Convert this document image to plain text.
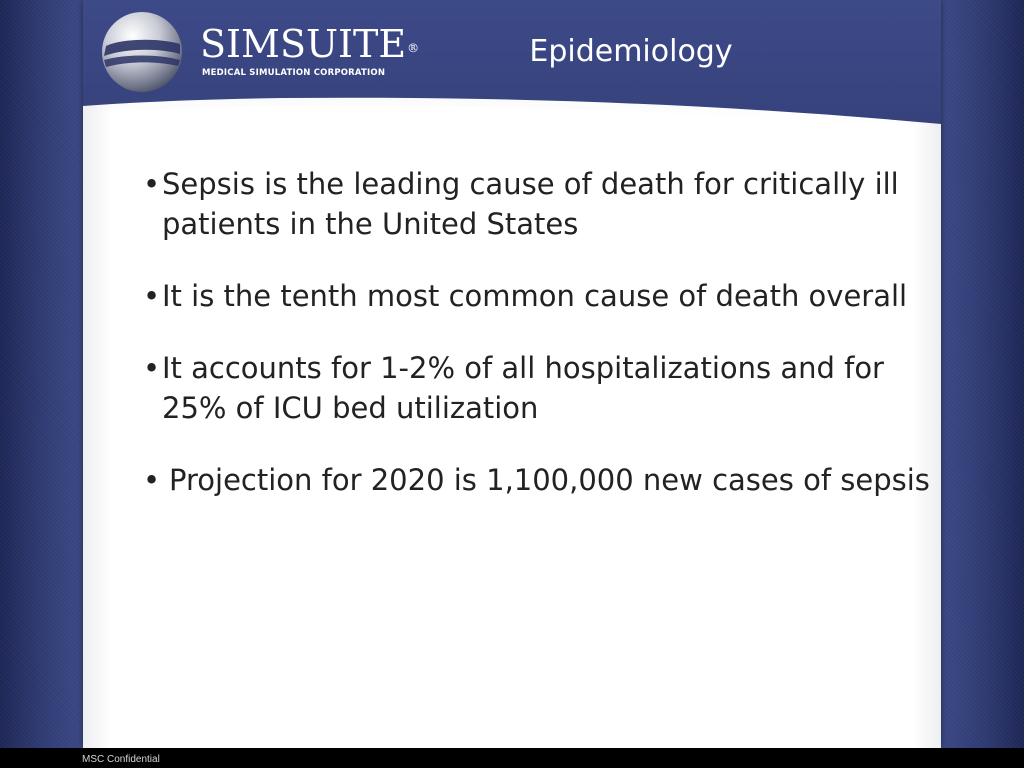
SIMSUITE®
MEDICAL SIMULATION CORPORATION
Epidemiology
• Sepsis is the leading cause of death for critically ill patients in the United States
• It is the tenth most common cause of death overall
• It accounts for 1-2% of all hospitalizations and for 25% of ICU bed utilization
• Projection for 2020 is 1,100,000 new cases of sepsis
MSC Confidential
